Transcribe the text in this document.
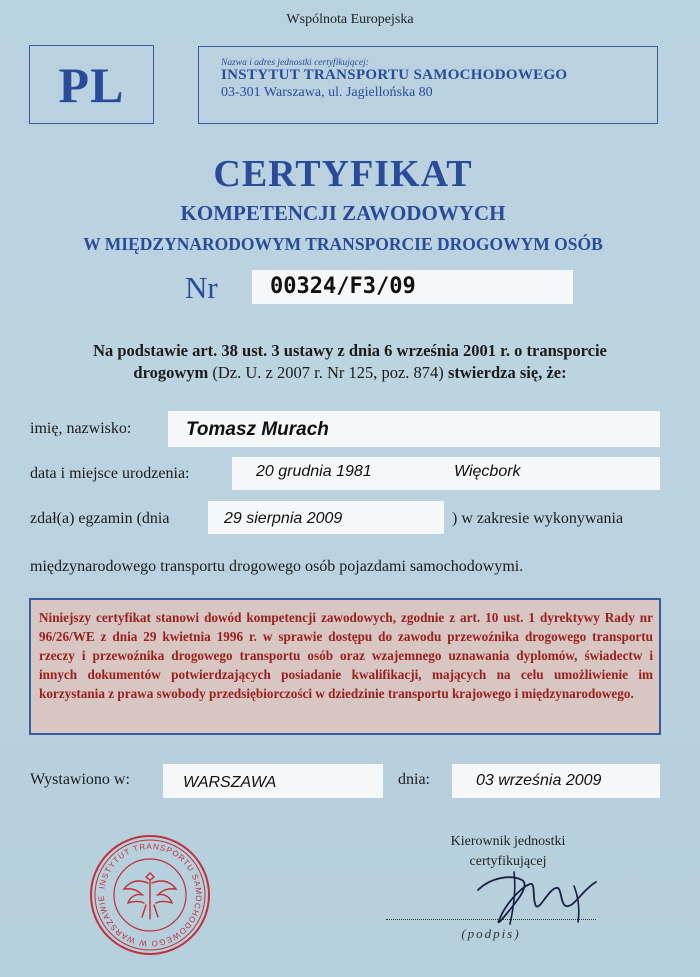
Wspólnota Europejska
PL	Nazwa i adres jednostki certyfikującej:
INSTYTUT TRANSPORTU SAMOCHODOWEGO
03-301 Warszawa, ul. Jagiellońska 80
CERTYFIKAT
KOMPETENCJI ZAWODOWYCH
W MIĘDZYNARODOWYM TRANSPORCIE DROGOWYM OSÓB
Nr	00324/F3/09
Na podstawie art. 38 ust. 3 ustawy z dnia 6 września 2001 r. o transporcie
drogowym (Dz. U. z 2007 r. Nr 125, poz. 874) stwierdza się, że:
imię, nazwisko:	Tomasz Murach
data i miejsce urodzenia:	20 grudnia 1981	Więcbork
zdał(a) egzamin (dnia	29 sierpnia 2009	) w zakresie wykonywania
międzynarodowego transportu drogowego osób pojazdami samochodowymi.
Niniejszy certyfikat stanowi dowód kompetencji zawodowych, zgodnie z art. 10 ust. 1 dyrektywy Rady nr 96/26/WE z dnia 29 kwietnia 1996 r. w sprawie dostępu do zawodu przewoźnika drogowego transportu rzeczy i przewoźnika drogowego transportu osób oraz wzajemnego uznawania dyplomów, świadectw i innych dokumentów potwierdzających posiadanie kwalifikacji, mających na celu umożliwienie im korzystania z prawa swobody przedsiębiorczości w dziedzinie transportu krajowego i międzynarodowego.
Wystawiono w:	WARSZAWA	dnia:	03 września 2009
Kierownik jednostki
certyfikującej
(podpis)
INSTYTUT TRANSPORTU SAMOCHODOWEGO W WARSZAWIE
